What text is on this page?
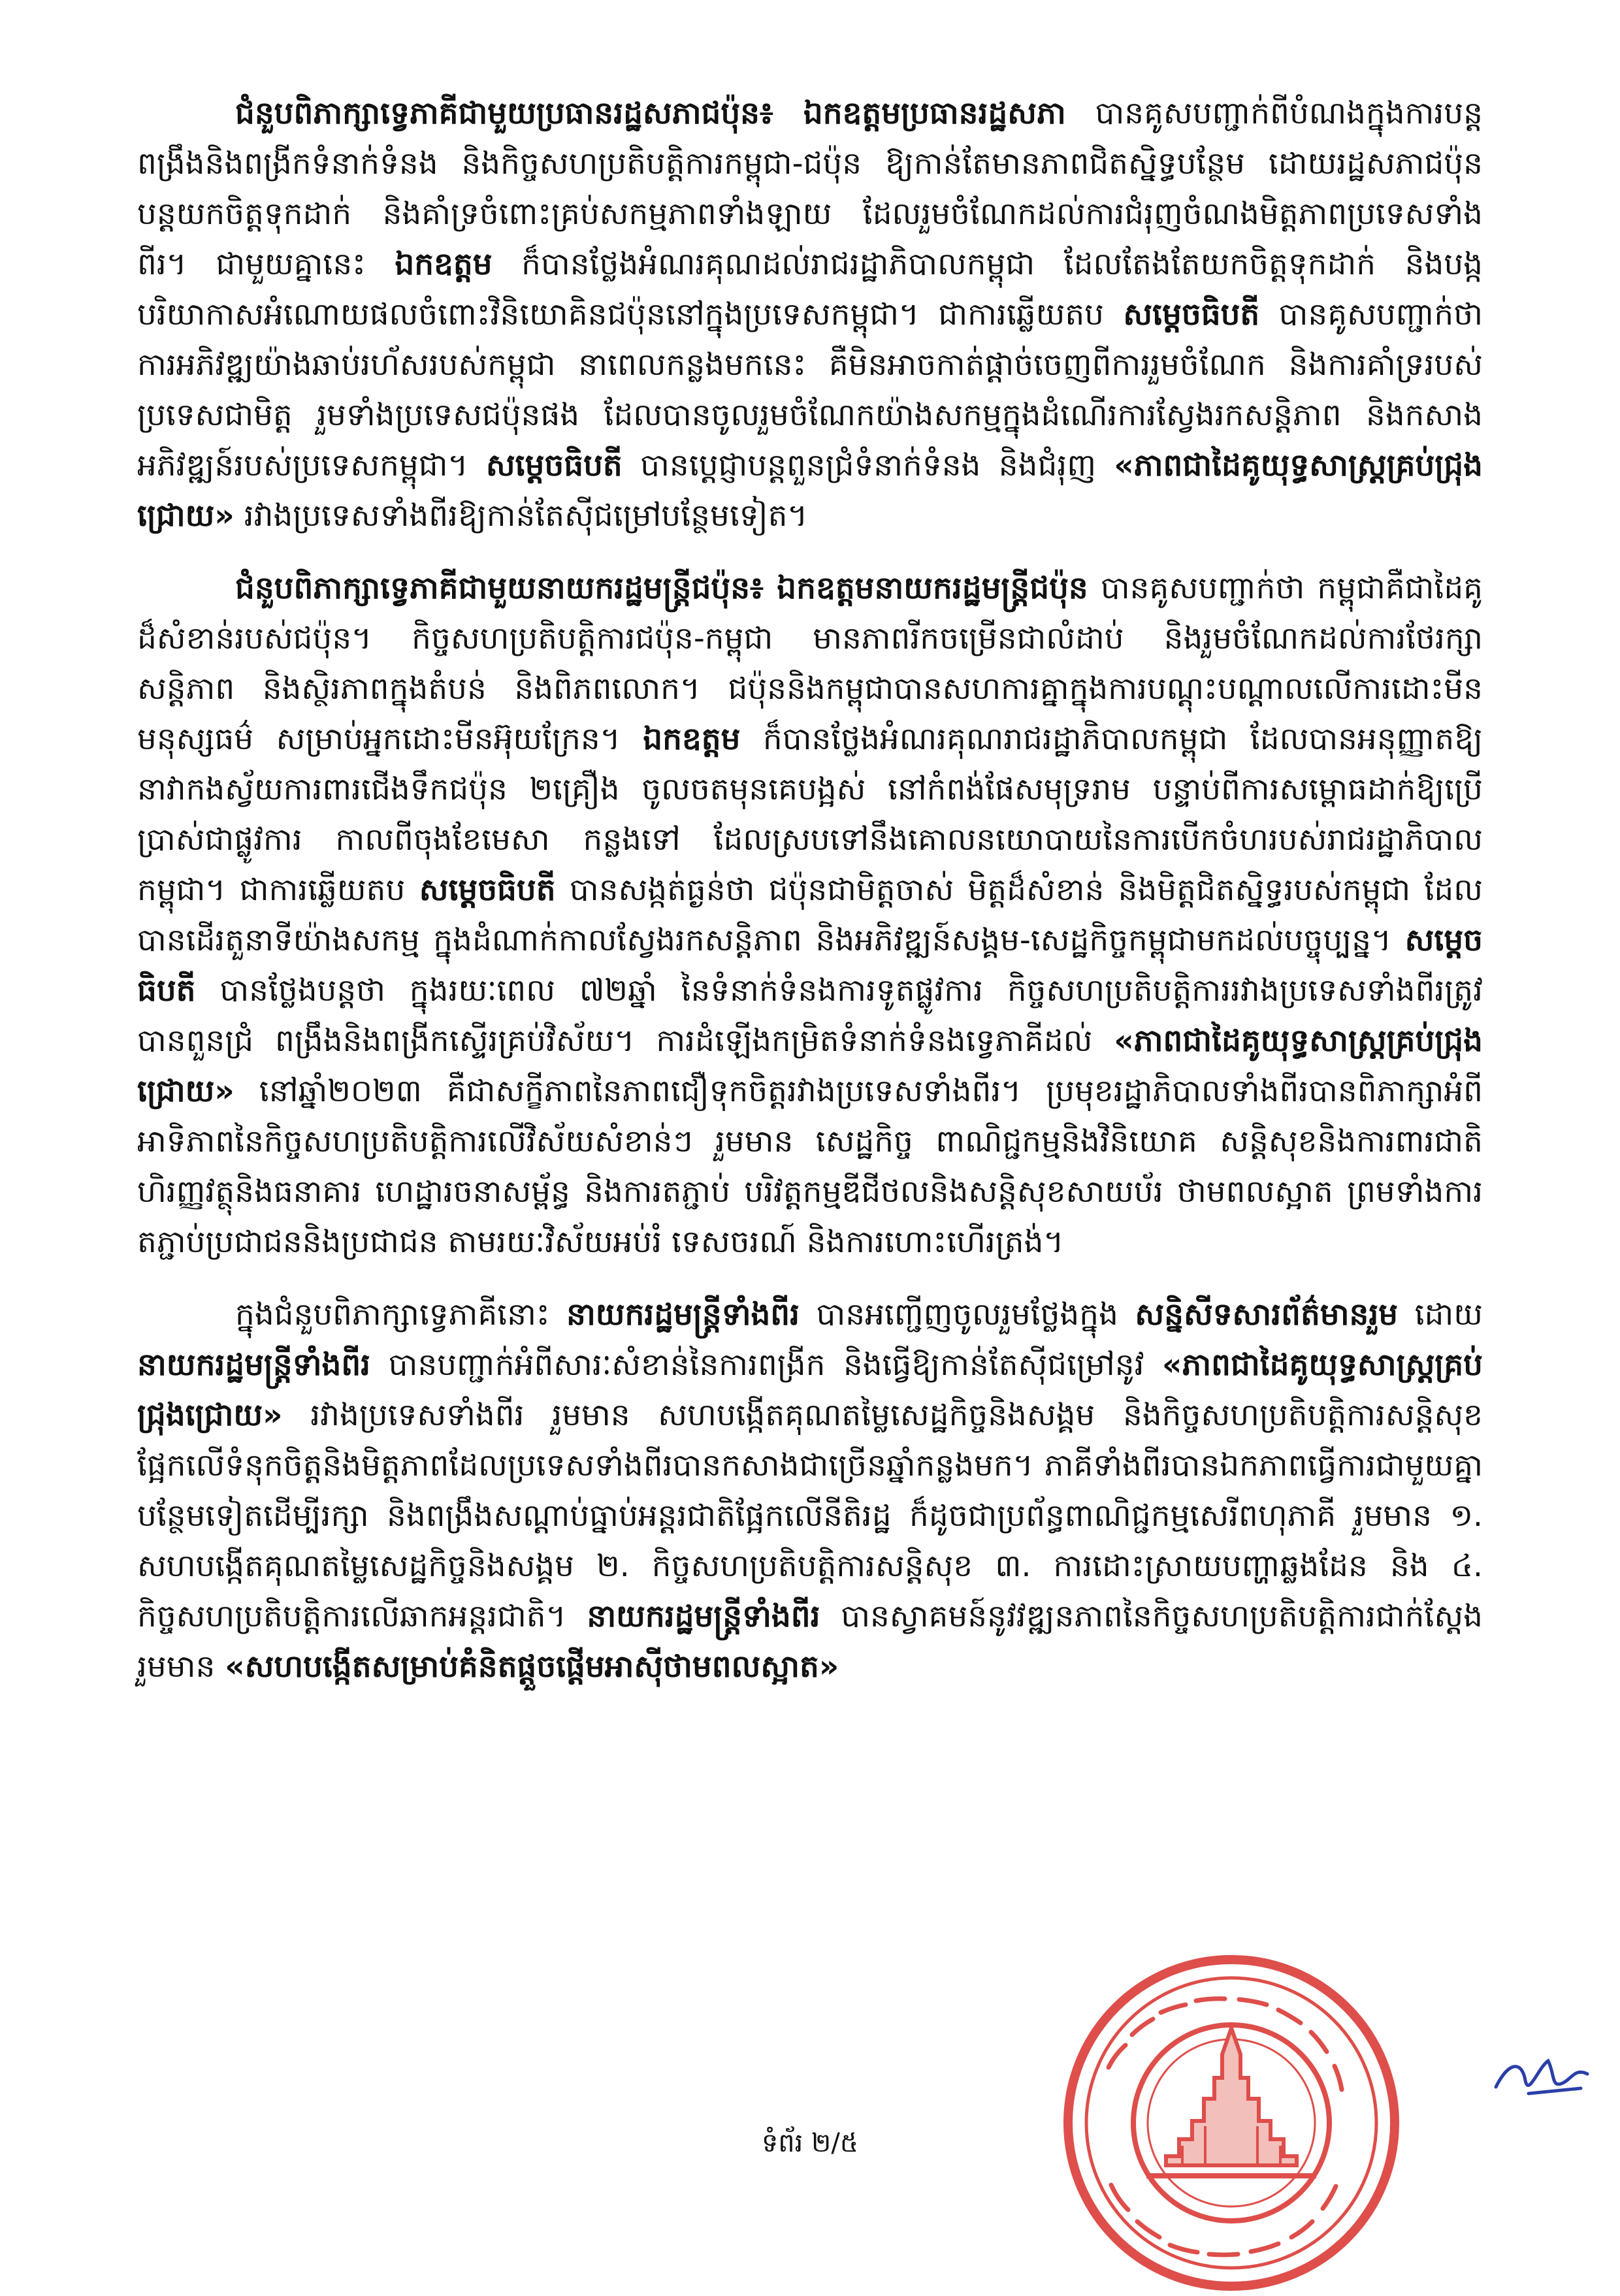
ជំនួបពិភាក្សាទ្វេភាគីជាមួយប្រធានរដ្ឋសភាជប៉ុន៖ ឯកឧត្តមប្រធានរដ្ឋសភា បានគូសបញ្ជាក់ពីបំណងក្នុងការបន្តពង្រឹងនិងពង្រីកទំនាក់ទំនង និងកិច្ចសហប្រតិបត្តិការកម្ពុជា-ជប៉ុន ឱ្យកាន់តែមានភាពជិតស្និទ្ធបន្ថែម ដោយរដ្ឋសភាជប៉ុនបន្តយកចិត្តទុកដាក់ និងគាំទ្រចំពោះគ្រប់សកម្មភាពទាំងឡាយ ដែលរួមចំណែកដល់ការជំរុញចំណងមិត្តភាពប្រទេសទាំងពីរ។ ជាមួយគ្នានេះ ឯកឧត្តម ក៏បានថ្លែងអំណរគុណដល់រាជរដ្ឋាភិបាលកម្ពុជា ដែលតែងតែយកចិត្តទុកដាក់ និងបង្កបរិយាកាសអំណោយផលចំពោះវិនិយោគិនជប៉ុននៅក្នុងប្រទេសកម្ពុជា។ ជាការឆ្លើយតប សម្តេចធិបតី បានគូសបញ្ជាក់ថា ការអភិវឌ្ឍយ៉ាងឆាប់រហ័សរបស់កម្ពុជា នាពេលកន្លងមកនេះ គឺមិនអាចកាត់ផ្តាច់ចេញពីការរួមចំណែក និងការគាំទ្ររបស់ប្រទេសជាមិត្ត រួមទាំងប្រទេសជប៉ុនផង ដែលបានចូលរួមចំណែកយ៉ាងសកម្មក្នុងដំណើរការស្វែងរកសន្តិភាព និងកសាងអភិវឌ្ឍន៍របស់ប្រទេសកម្ពុជា។ សម្តេចធិបតី បានប្តេជ្ញាបន្តពួនជ្រំទំនាក់ទំនង និងជំរុញ «ភាពជាដៃគូយុទ្ធសាស្ត្រគ្រប់ជ្រុងជ្រោយ» រវាងប្រទេសទាំងពីរឱ្យកាន់តែស៊ីជម្រៅបន្ថែមទៀត។

ជំនួបពិភាក្សាទ្វេភាគីជាមួយនាយករដ្ឋមន្ត្រីជប៉ុន៖ ឯកឧត្តមនាយករដ្ឋមន្ត្រីជប៉ុន បានគូសបញ្ជាក់ថា កម្ពុជាគឺជាដៃគូដ៏សំខាន់របស់ជប៉ុន។ កិច្ចសហប្រតិបត្តិការជប៉ុន-កម្ពុជា មានភាពរីកចម្រើនជាលំដាប់ និងរួមចំណែកដល់ការថែរក្សាសន្តិភាព និងស្ថិរភាពក្នុងតំបន់ និងពិភពលោក។ ជប៉ុននិងកម្ពុជាបានសហការគ្នាក្នុងការបណ្តុះបណ្តាលលើការដោះមីនមនុស្សធម៌ សម្រាប់អ្នកដោះមីនអ៊ុយក្រែន។ ឯកឧត្តម ក៏បានថ្លែងអំណរគុណរាជរដ្ឋាភិបាលកម្ពុជា ដែលបានអនុញ្ញាតឱ្យនាវាកងស្វ័យការពារជើងទឹកជប៉ុន ២គ្រឿង ចូលចតមុនគេបង្អស់ នៅកំពង់ផែសមុទ្ររាម បន្ទាប់ពីការសម្ពោធដាក់ឱ្យប្រើប្រាស់ជាផ្លូវការ កាលពីចុងខែមេសា កន្លងទៅ ដែលស្របទៅនឹងគោលនយោបាយនៃការបើកចំហរបស់រាជរដ្ឋាភិបាលកម្ពុជា។ ជាការឆ្លើយតប សម្តេចធិបតី បានសង្កត់ធ្ងន់ថា ជប៉ុនជាមិត្តចាស់ មិត្តដ៏សំខាន់ និងមិត្តជិតស្និទ្ធរបស់កម្ពុជា ដែលបានដើរតួនាទីយ៉ាងសកម្ម ក្នុងដំណាក់កាលស្វែងរកសន្តិភាព និងអភិវឌ្ឍន៍សង្គម-សេដ្ឋកិច្ចកម្ពុជាមកដល់បច្ចុប្បន្ន។ សម្តេចធិបតី បានថ្លែងបន្តថា ក្នុងរយៈពេល ៧២ឆ្នាំ នៃទំនាក់ទំនងការទូតផ្លូវការ កិច្ចសហប្រតិបត្តិការរវាងប្រទេសទាំងពីរត្រូវបានពួនជ្រំ ពង្រឹងនិងពង្រីកស្ទើរគ្រប់វិស័យ។ ការដំឡើងកម្រិតទំនាក់ទំនងទ្វេភាគីដល់ «ភាពជាដៃគូយុទ្ធសាស្ត្រគ្រប់ជ្រុងជ្រោយ» នៅឆ្នាំ២០២៣ គឺជាសក្ខីភាពនៃភាពជឿទុកចិត្តរវាងប្រទេសទាំងពីរ។ ប្រមុខរដ្ឋាភិបាលទាំងពីរបានពិភាក្សាអំពីអាទិភាពនៃកិច្ចសហប្រតិបត្តិការលើវិស័យសំខាន់ៗ រួមមាន សេដ្ឋកិច្ច ពាណិជ្ជកម្មនិងវិនិយោគ សន្តិសុខនិងការពារជាតិ ហិរញ្ញវត្ថុនិងធនាគារ ហេដ្ឋារចនាសម្ព័ន្ធ និងការតភ្ជាប់ បរិវត្តកម្មឌីជីថលនិងសន្តិសុខសាយប័រ ថាមពលស្អាត ព្រមទាំងការតភ្ជាប់ប្រជាជននិងប្រជាជន តាមរយៈវិស័យអប់រំ ទេសចរណ៍ និងការហោះហើរត្រង់។

ក្នុងជំនួបពិភាក្សាទ្វេភាគីនោះ នាយករដ្ឋមន្ត្រីទាំងពីរ បានអញ្ជើញចូលរួមថ្លែងក្នុង សន្និសីទសារព័ត៌មានរួម ដោយ នាយករដ្ឋមន្ត្រីទាំងពីរ បានបញ្ជាក់អំពីសារៈសំខាន់នៃការពង្រីក និងធ្វើឱ្យកាន់តែស៊ីជម្រៅនូវ «ភាពជាដៃគូយុទ្ធសាស្ត្រគ្រប់ជ្រុងជ្រោយ» រវាងប្រទេសទាំងពីរ រួមមាន សហបង្កើតគុណតម្លៃសេដ្ឋកិច្ចនិងសង្គម និងកិច្ចសហប្រតិបត្តិការសន្តិសុខ ផ្អែកលើទំនុកចិត្តនិងមិត្តភាពដែលប្រទេសទាំងពីរបានកសាងជាច្រើនឆ្នាំកន្លងមក។ ភាគីទាំងពីរបានឯកភាពធ្វើការជាមួយគ្នាបន្ថែមទៀតដើម្បីរក្សា និងពង្រឹងសណ្តាប់ធ្នាប់អន្តរជាតិផ្អែកលើនីតិរដ្ឋ ក៏ដូចជាប្រព័ន្ធពាណិជ្ជកម្មសេរីពហុភាគី រួមមាន ១. សហបង្កើតគុណតម្លៃសេដ្ឋកិច្ចនិងសង្គម ២. កិច្ចសហប្រតិបត្តិការសន្តិសុខ ៣. ការដោះស្រាយបញ្ហាឆ្លងដែន និង ៤. កិច្ចសហប្រតិបត្តិការលើឆាកអន្តរជាតិ។ នាយករដ្ឋមន្ត្រីទាំងពីរ បានស្វាគមន៍នូវវឌ្ឍនភាពនៃកិច្ចសហប្រតិបត្តិការជាក់ស្តែង រួមមាន «សហបង្កើតសម្រាប់គំនិតផ្តួចផ្តើមអាស៊ីថាមពលស្អាត»

ទំព័រ ២/៥
